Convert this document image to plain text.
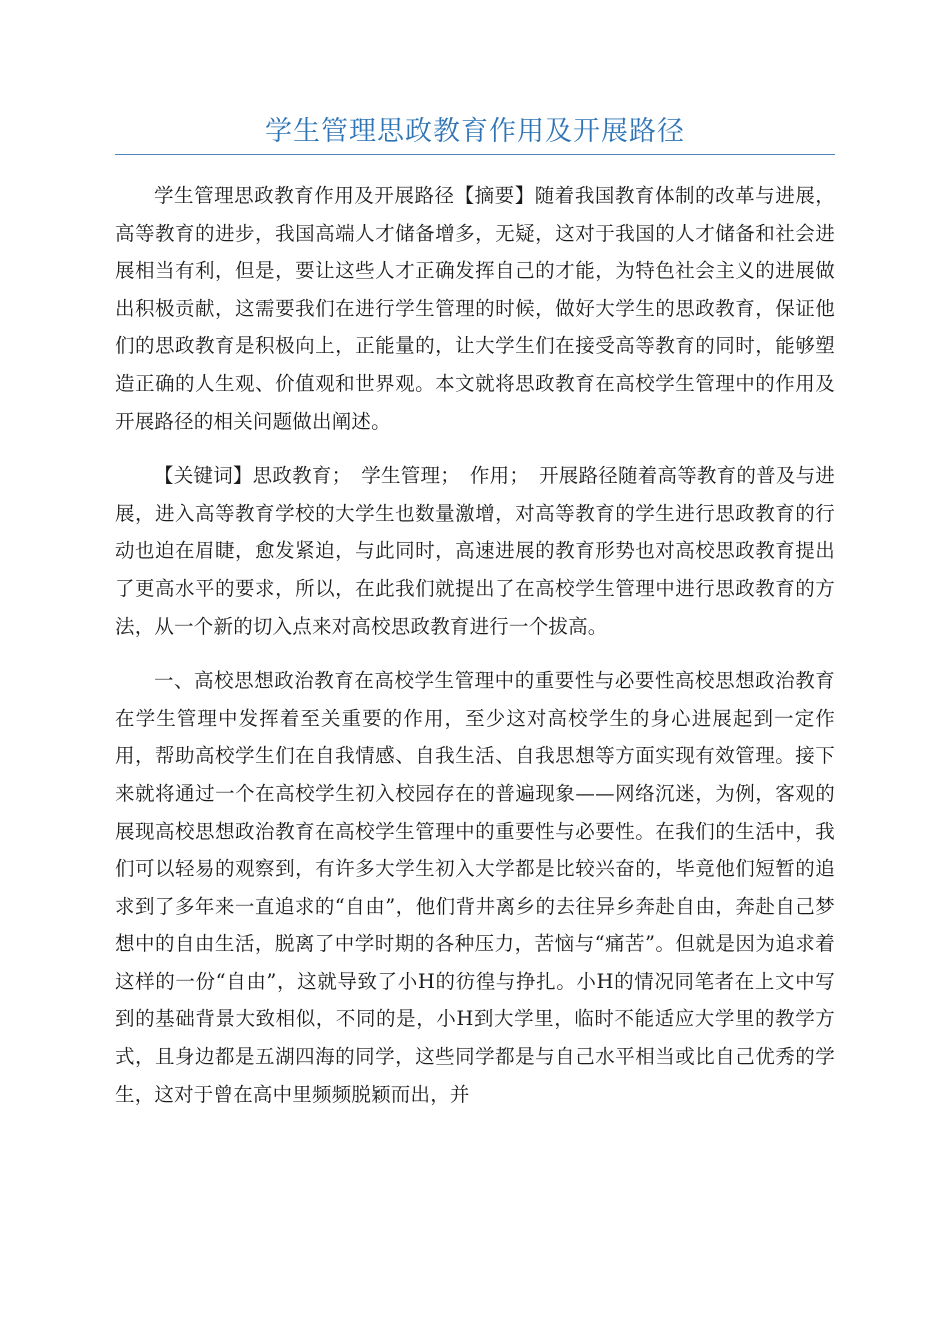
学生管理思政教育作用及开展路径

学生管理思政教育作用及开展路径【摘要】随着我国教育体制的改革与进展，高等教育的进步，我国高端人才储备增多，无疑，这对于我国的人才储备和社会进展相当有利，但是，要让这些人才正确发挥自己的才能，为特色社会主义的进展做出积极贡献，这需要我们在进行学生管理的时候，做好大学生的思政教育，保证他们的思政教育是积极向上，正能量的，让大学生们在接受高等教育的同时，能够塑造正确的人生观、价值观和世界观。本文就将思政教育在高校学生管理中的作用及开展路径的相关问题做出阐述。

【关键词】思政教育；　学生管理；　作用；　开展路径随着高等教育的普及与进展，进入高等教育学校的大学生也数量激增，对高等教育的学生进行思政教育的行动也迫在眉睫，愈发紧迫，与此同时，高速进展的教育形势也对高校思政教育提出了更高水平的要求，所以，在此我们就提出了在高校学生管理中进行思政教育的方法，从一个新的切入点来对高校思政教育进行一个拔高。

一、高校思想政治教育在高校学生管理中的重要性与必要性高校思想政治教育在学生管理中发挥着至关重要的作用，至少这对高校学生的身心进展起到一定作用，帮助高校学生们在自我情感、自我生活、自我思想等方面实现有效管理。接下来就将通过一个在高校学生初入校园存在的普遍现象——网络沉迷，为例，客观的展现高校思想政治教育在高校学生管理中的重要性与必要性。在我们的生活中，我们可以轻易的观察到，有许多大学生初入大学都是比较兴奋的，毕竟他们短暂的追求到了多年来一直追求的“自由”，他们背井离乡的去往异乡奔赴自由，奔赴自己梦想中的自由生活，脱离了中学时期的各种压力，苦恼与“痛苦”。但就是因为追求着这样的一份“自由”，这就导致了小H的彷徨与挣扎。小H的情况同笔者在上文中写到的基础背景大致相似，不同的是，小H到大学里，临时不能适应大学里的教学方式，且身边都是五湖四海的同学，这些同学都是与自己水平相当或比自己优秀的学生，这对于曾在高中里频频脱颖而出，并
